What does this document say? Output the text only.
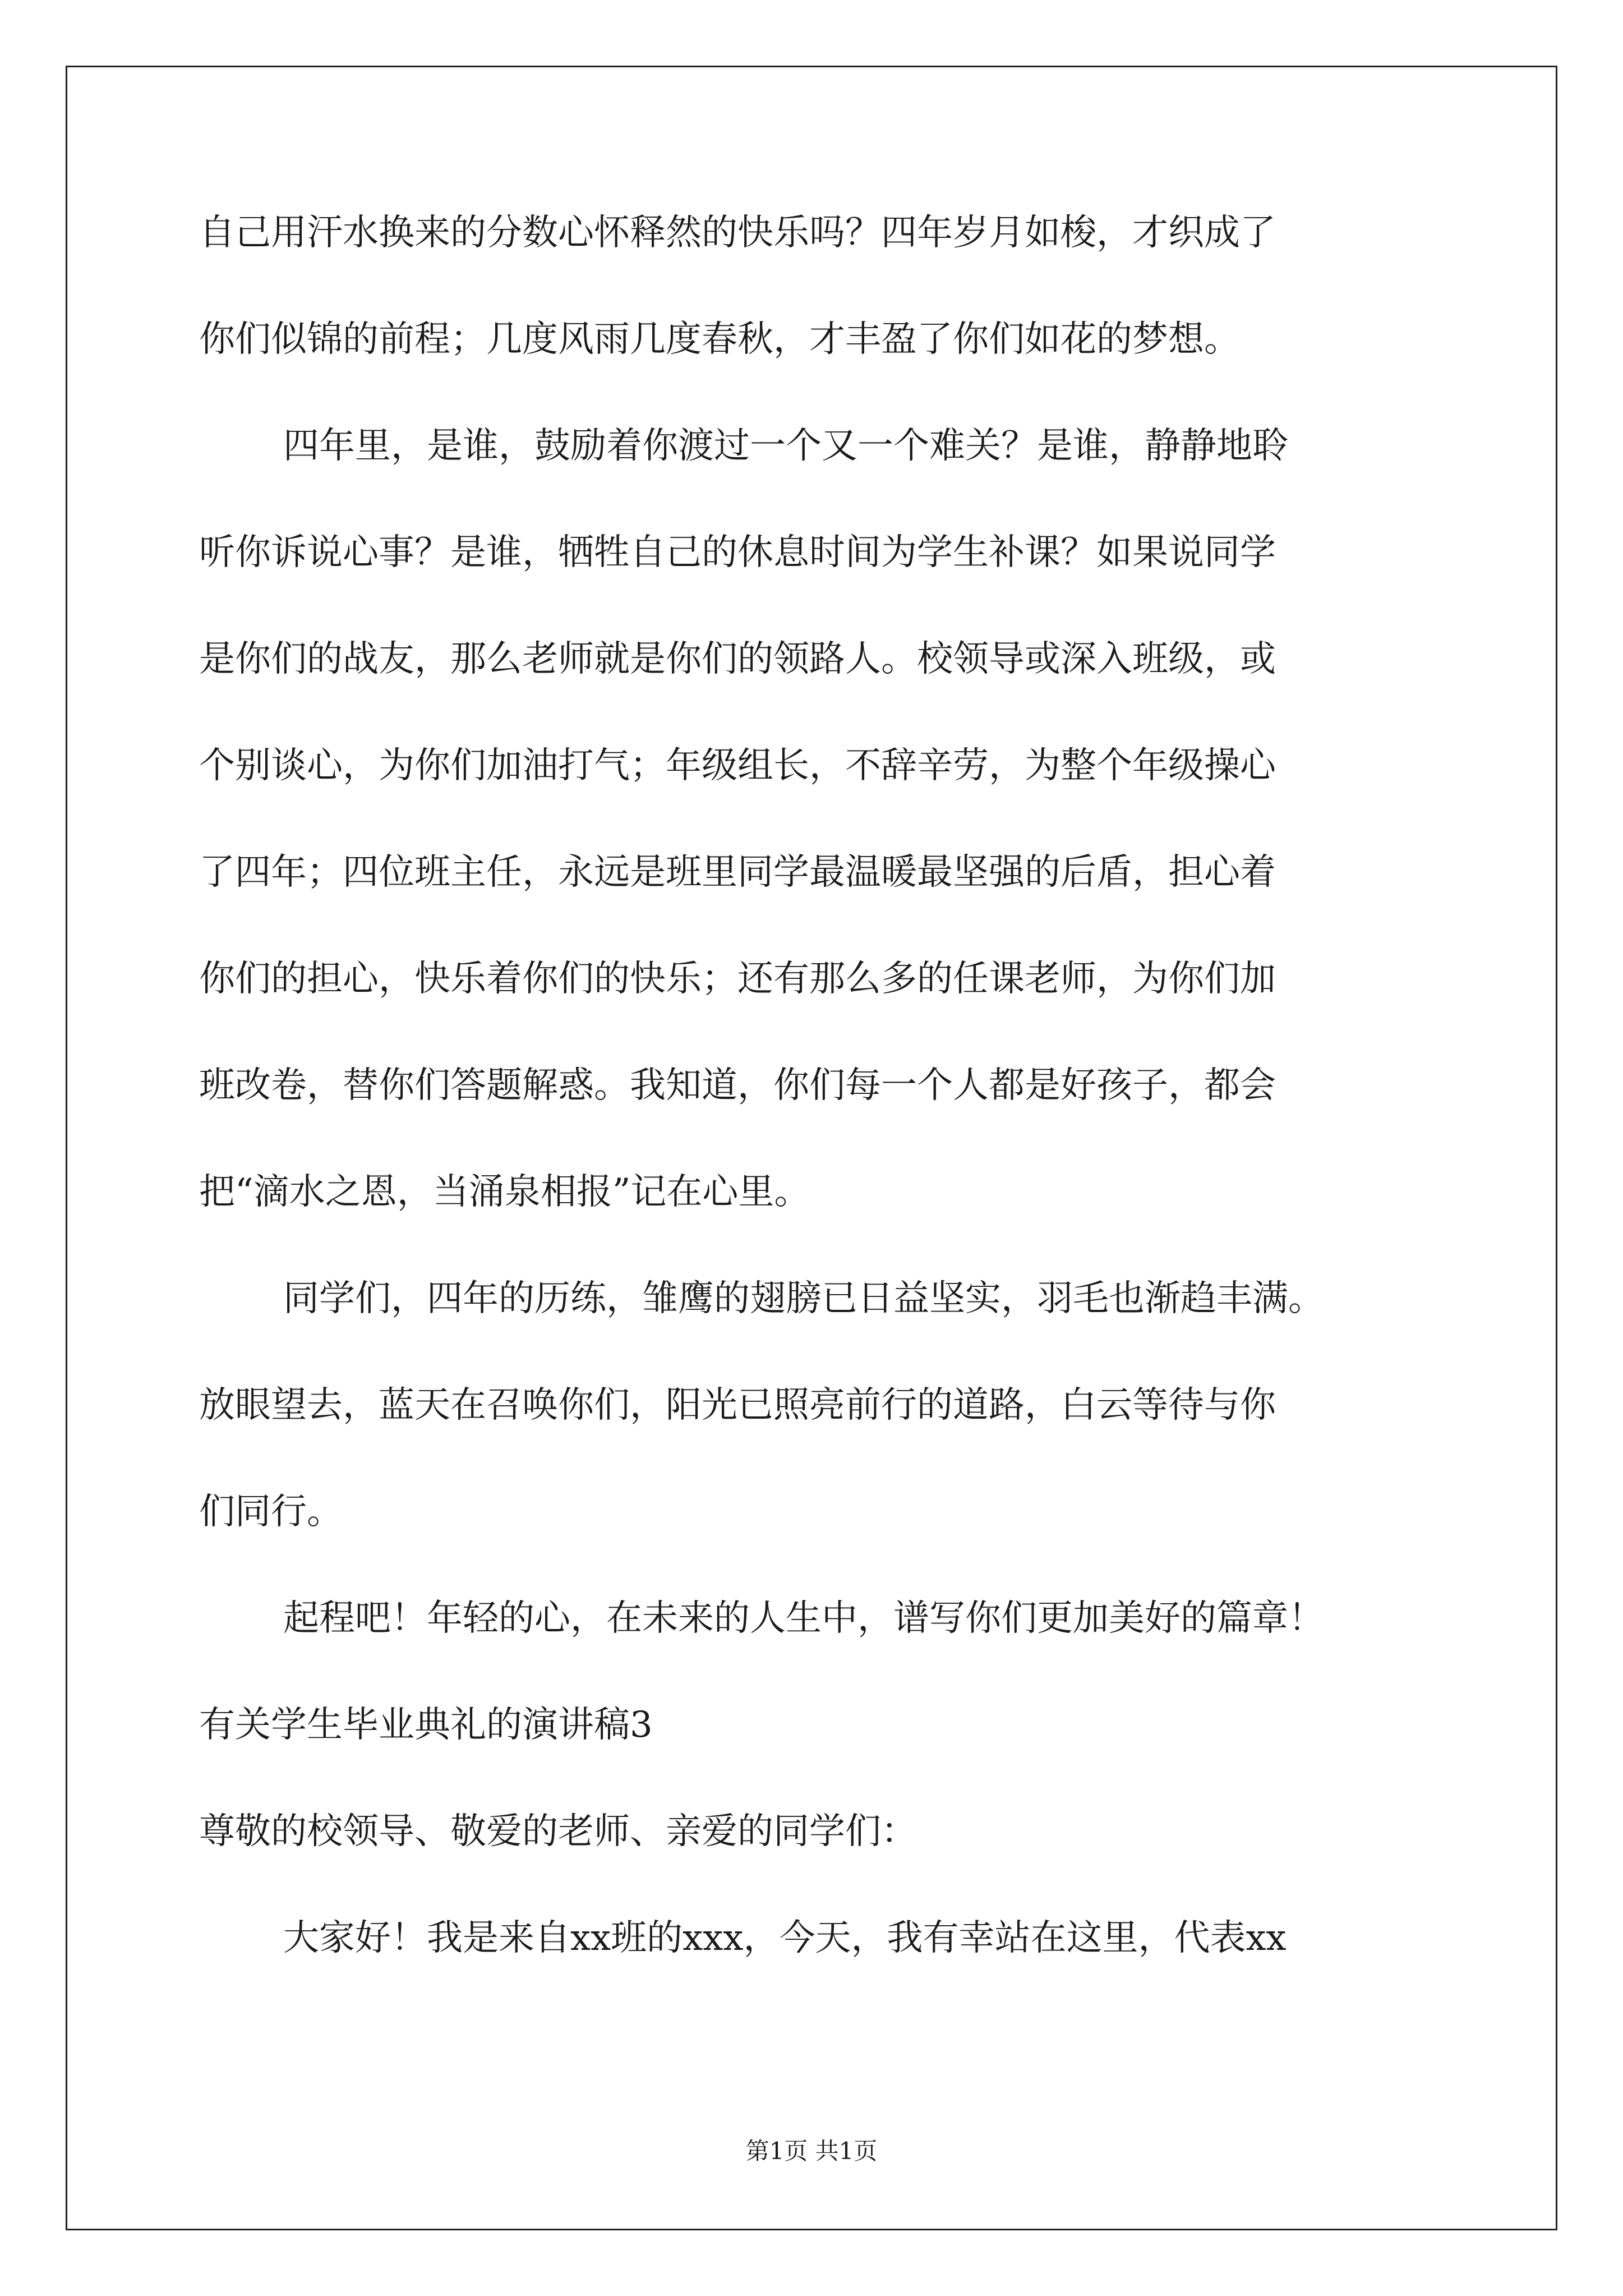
自己用汗水换来的分数心怀释然的快乐吗？四年岁月如梭，才织成了
你们似锦的前程；几度风雨几度春秋，才丰盈了你们如花的梦想。
四年里，是谁，鼓励着你渡过一个又一个难关？是谁，静静地聆
听你诉说心事？是谁，牺牲自己的休息时间为学生补课？如果说同学
是你们的战友，那么老师就是你们的领路人。校领导或深入班级，或
个别谈心，为你们加油打气；年级组长，不辞辛劳，为整个年级操心
了四年；四位班主任，永远是班里同学最温暖最坚强的后盾，担心着
你们的担心，快乐着你们的快乐；还有那么多的任课老师，为你们加
班改卷，替你们答题解惑。我知道，你们每一个人都是好孩子，都会
把“滴水之恩，当涌泉相报”记在心里。
同学们，四年的历练，雏鹰的翅膀已日益坚实，羽毛也渐趋丰满。
放眼望去，蓝天在召唤你们，阳光已照亮前行的道路，白云等待与你
们同行。
起程吧！年轻的心，在未来的人生中，谱写你们更加美好的篇章！
有关学生毕业典礼的演讲稿3
尊敬的校领导、敬爱的老师、亲爱的同学们：
大家好！我是来自xx班的xxx，今天，我有幸站在这里，代表xx
第1页 共1页
